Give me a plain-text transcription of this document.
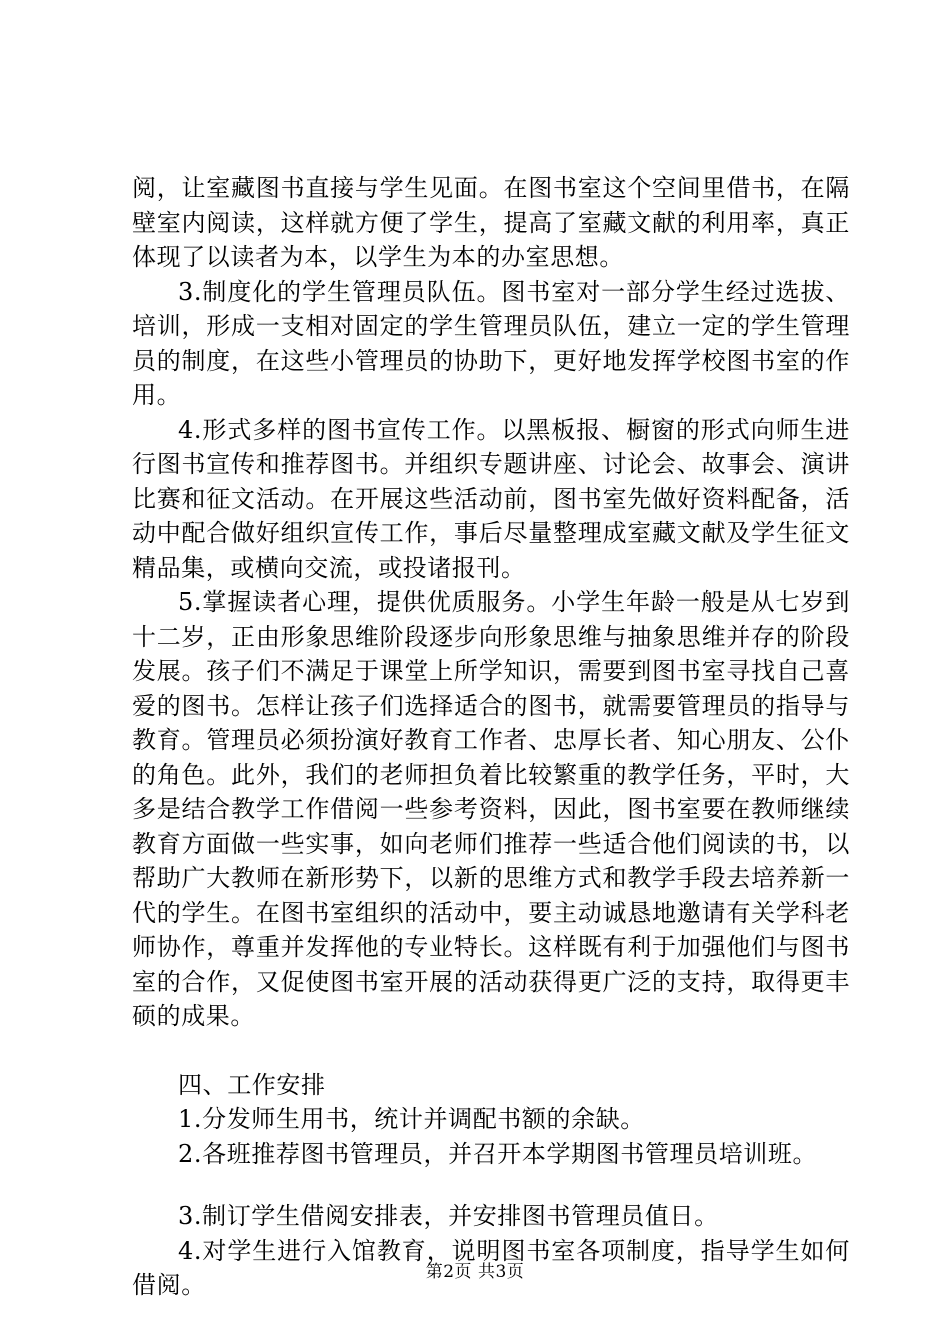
阅，让室藏图书直接与学生见面。在图书室这个空间里借书，在隔壁室内阅读，这样就方便了学生，提高了室藏文献的利用率，真正体现了以读者为本，以学生为本的办室思想。

3.制度化的学生管理员队伍。图书室对一部分学生经过选拔、培训，形成一支相对固定的学生管理员队伍，建立一定的学生管理员的制度，在这些小管理员的协助下，更好地发挥学校图书室的作用。

4.形式多样的图书宣传工作。以黑板报、橱窗的形式向师生进行图书宣传和推荐图书。并组织专题讲座、讨论会、故事会、演讲比赛和征文活动。在开展这些活动前，图书室先做好资料配备，活动中配合做好组织宣传工作，事后尽量整理成室藏文献及学生征文精品集，或横向交流，或投诸报刊。

5.掌握读者心理，提供优质服务。小学生年龄一般是从七岁到十二岁，正由形象思维阶段逐步向形象思维与抽象思维并存的阶段发展。孩子们不满足于课堂上所学知识，需要到图书室寻找自己喜爱的图书。怎样让孩子们选择适合的图书，就需要管理员的指导与教育。管理员必须扮演好教育工作者、忠厚长者、知心朋友、公仆的角色。此外，我们的老师担负着比较繁重的教学任务，平时，大多是结合教学工作借阅一些参考资料，因此，图书室要在教师继续教育方面做一些实事，如向老师们推荐一些适合他们阅读的书，以帮助广大教师在新形势下，以新的思维方式和教学手段去培养新一代的学生。在图书室组织的活动中，要主动诚恳地邀请有关学科老师协作，尊重并发挥他的专业特长。这样既有利于加强他们与图书室的合作，又促使图书室开展的活动获得更广泛的支持，取得更丰硕的成果。

四、工作安排

1.分发师生用书，统计并调配书额的余缺。

2.各班推荐图书管理员，并召开本学期图书管理员培训班。

3.制订学生借阅安排表，并安排图书管理员值日。

4.对学生进行入馆教育，说明图书室各项制度，指导学生如何借阅。	第2页 共3页
